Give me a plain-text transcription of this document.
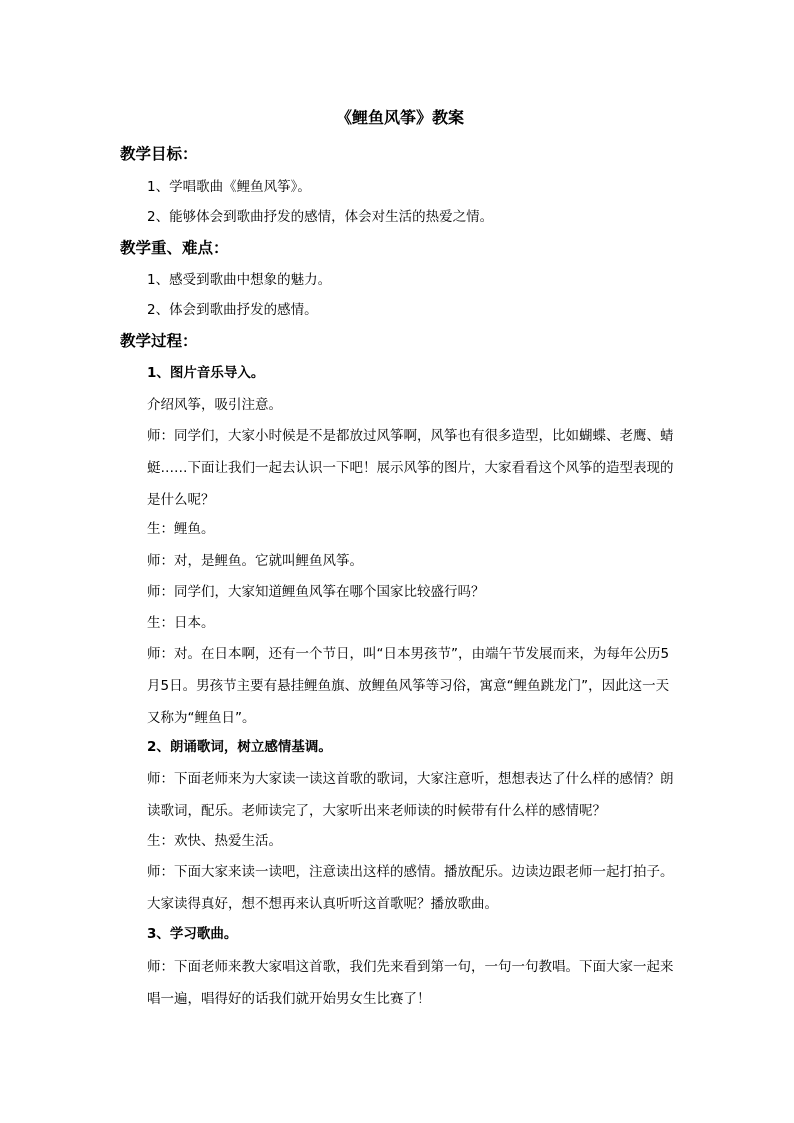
《鲤鱼风筝》教案
教学目标：
1、学唱歌曲《鲤鱼风筝》。
2、能够体会到歌曲抒发的感情，体会对生活的热爱之情。
教学重、难点：
1、感受到歌曲中想象的魅力。
2、体会到歌曲抒发的感情。
教学过程：
1、图片音乐导入。
介绍风筝，吸引注意。
师：同学们，大家小时候是不是都放过风筝啊，风筝也有很多造型，比如蝴蝶、老鹰、蜻蜓……下面让我们一起去认识一下吧！展示风筝的图片，大家看看这个风筝的造型表现的是什么呢？
生：鲤鱼。
师：对，是鲤鱼。它就叫鲤鱼风筝。
师：同学们，大家知道鲤鱼风筝在哪个国家比较盛行吗？
生：日本。
师：对。在日本啊，还有一个节日，叫“日本男孩节”，由端午节发展而来，为每年公历5月5日。男孩节主要有悬挂鲤鱼旗、放鲤鱼风筝等习俗，寓意“鲤鱼跳龙门”，因此这一天又称为“鲤鱼日”。
2、朗诵歌词，树立感情基调。
师：下面老师来为大家读一读这首歌的歌词，大家注意听，想想表达了什么样的感情？朗读歌词，配乐。老师读完了，大家听出来老师读的时候带有什么样的感情呢？
生：欢快、热爱生活。
师：下面大家来读一读吧，注意读出这样的感情。播放配乐。边读边跟老师一起打拍子。大家读得真好，想不想再来认真听听这首歌呢？播放歌曲。
3、学习歌曲。
师：下面老师来教大家唱这首歌，我们先来看到第一句，一句一句教唱。下面大家一起来唱一遍，唱得好的话我们就开始男女生比赛了！
